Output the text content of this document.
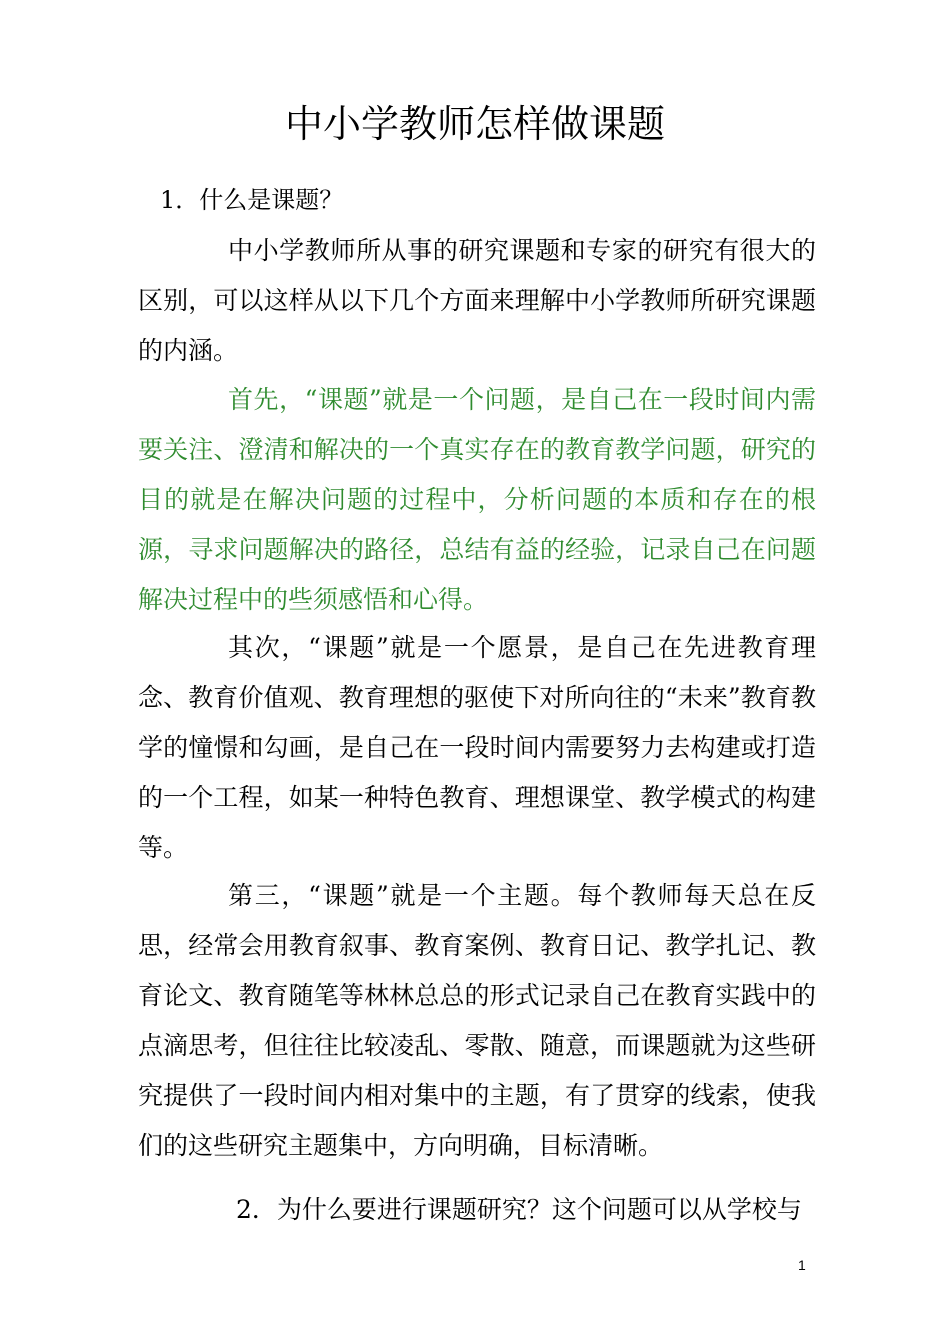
中小学教师怎样做课题

1．什么是课题？

中小学教师所从事的研究课题和专家的研究有很大的区别，可以这样从以下几个方面来理解中小学教师所研究课题的内涵。

首先，“课题”就是一个问题，是自己在一段时间内需要关注、澄清和解决的一个真实存在的教育教学问题，研究的目的就是在解决问题的过程中，分析问题的本质和存在的根源，寻求问题解决的路径，总结有益的经验，记录自己在问题解决过程中的些须感悟和心得。

其次，“课题”就是一个愿景，是自己在先进教育理念、教育价值观、教育理想的驱使下对所向往的“未来”教育教学的憧憬和勾画，是自己在一段时间内需要努力去构建或打造的一个工程，如某一种特色教育、理想课堂、教学模式的构建等。

第三，“课题”就是一个主题。每个教师每天总在反思，经常会用教育叙事、教育案例、教育日记、教学扎记、教育论文、教育随笔等林林总总的形式记录自己在教育实践中的点滴思考，但往往比较凌乱、零散、随意，而课题就为这些研究提供了一段时间内相对集中的主题，有了贯穿的线索，使我们的这些研究主题集中，方向明确，目标清晰。

2．为什么要进行课题研究？这个问题可以从学校与

1
